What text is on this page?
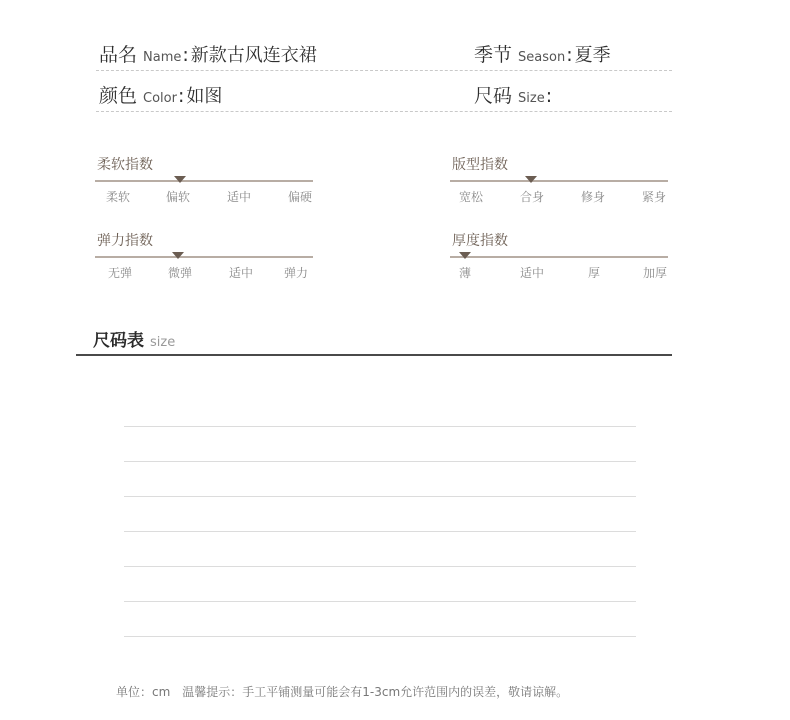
品名 Name: 新款古风连衣裙	季节 Season: 夏季
颜色 Color: 如图	尺码 Size:
柔软指数
柔软	偏软	适中	偏硬
版型指数
宽松	合身	修身	紧身
弹力指数
无弹	微弹	适中	弹力
厚度指数
薄	适中	厚	加厚
尺码表 size
单位：cm 温馨提示：手工平铺测量可能会有1-3cm允许范围内的误差，敬请谅解。
